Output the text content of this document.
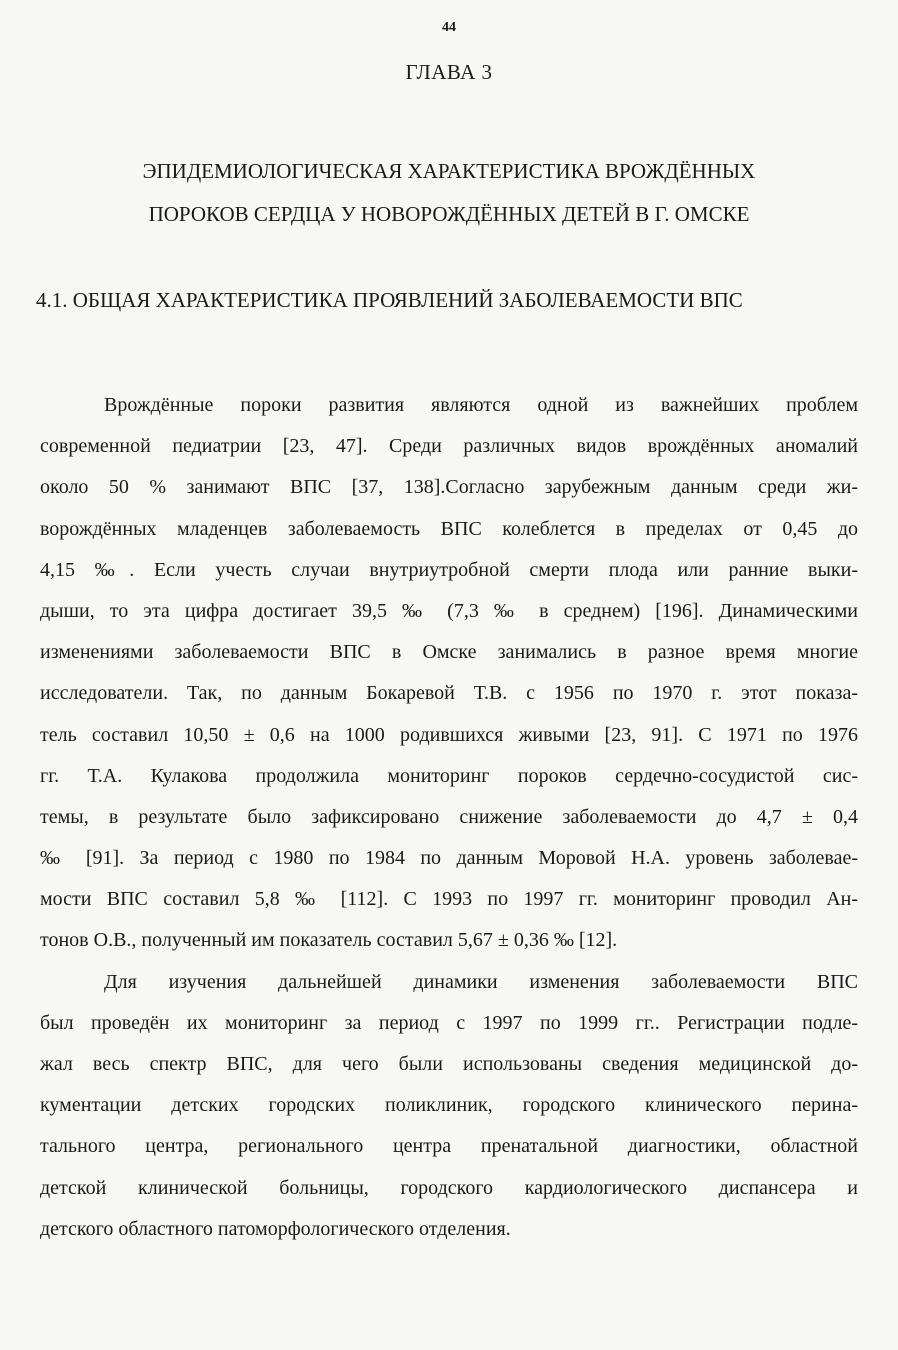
44
ГЛАВА 3
ЭПИДЕМИОЛОГИЧЕСКАЯ ХАРАКТЕРИСТИКА ВРОЖДЁННЫХ
ПОРОКОВ СЕРДЦА У НОВОРОЖДЁННЫХ ДЕТЕЙ В Г. ОМСКЕ
4.1. ОБЩАЯ ХАРАКТЕРИСТИКА ПРОЯВЛЕНИЙ ЗАБОЛЕВАЕМОСТИ ВПС
Врождённые пороки развития являются одной из важнейших проблем
современной педиатрии [23, 47]. Среди различных видов врождённых аномалий
около 50 % занимают ВПС [37, 138].Согласно зарубежным данным среди жи-
ворождённых младенцев заболеваемость ВПС колеблется в пределах от 0,45 до
4,15 ‰. Если учесть случаи внутриутробной смерти плода или ранние выки-
дыши, то эта цифра достигает 39,5 ‰ (7,3 ‰ в среднем) [196]. Динамическими
изменениями заболеваемости ВПС в Омске занимались в разное время многие
исследователи. Так, по данным Бокаревой Т.В. с 1956 по 1970 г. этот показа-
тель составил 10,50 ± 0,6 на 1000 родившихся живыми [23, 91]. С 1971 по 1976
гг. Т.А. Кулакова продолжила мониторинг пороков сердечно-сосудистой сис-
темы, в результате было зафиксировано снижение заболеваемости до 4,7 ± 0,4
‰ [91]. За период с 1980 по 1984 по данным Моровой Н.А. уровень заболевае-
мости ВПС составил 5,8 ‰ [112]. С 1993 по 1997 гг. мониторинг проводил Ан-
тонов О.В., полученный им показатель составил 5,67 ± 0,36 ‰ [12].
Для изучения дальнейшей динамики изменения заболеваемости ВПС
был проведён их мониторинг за период с 1997 по 1999 гг.. Регистрации подле-
жал весь спектр ВПС, для чего были использованы сведения медицинской до-
кументации детских городских поликлиник, городского клинического перина-
тального центра, регионального центра пренатальной диагностики, областной
детской клинической больницы, городского кардиологического диспансера и
детского областного патоморфологического отделения.
